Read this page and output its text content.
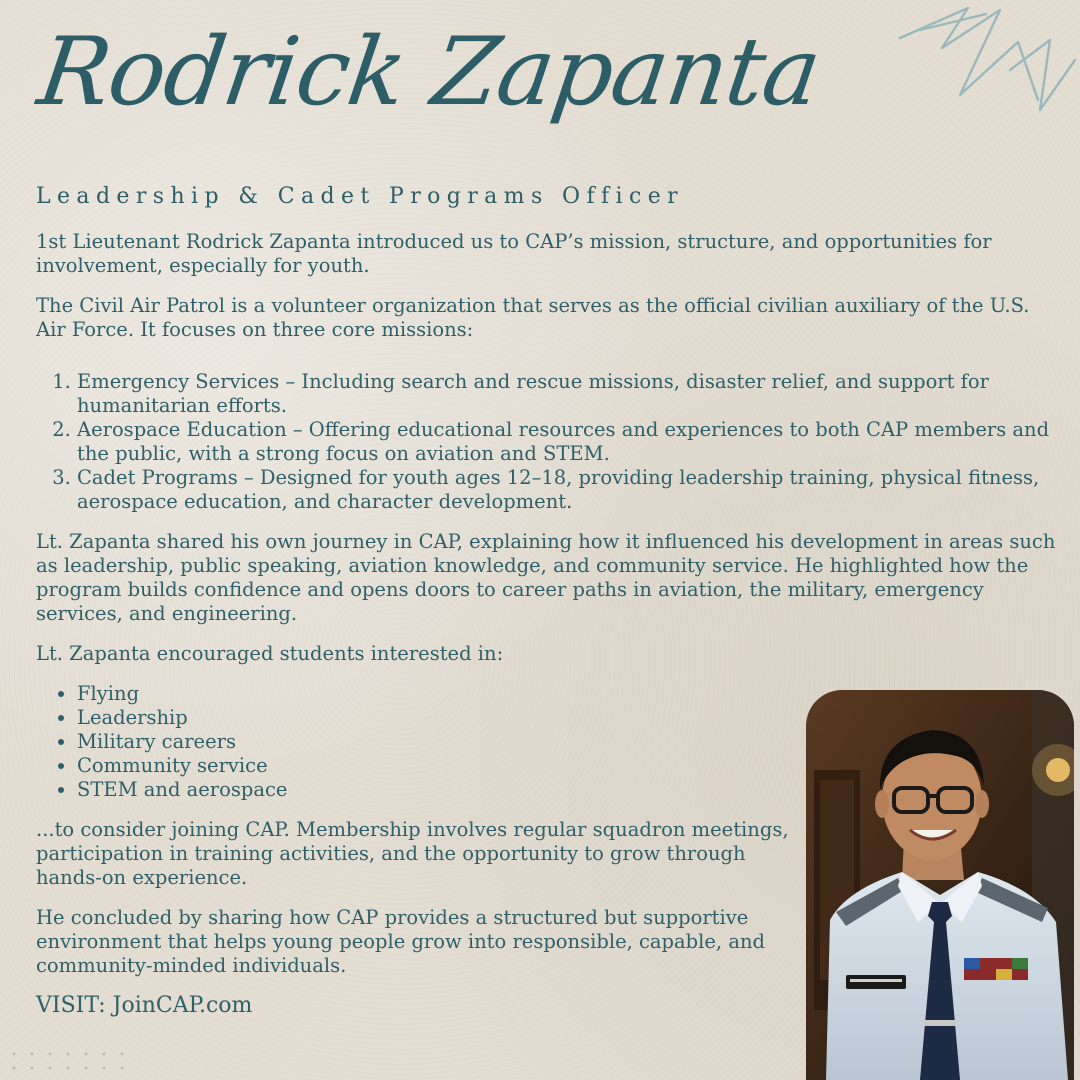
Rodrick Zapanta
Leadership & Cadet Programs Officer

1st Lieutenant Rodrick Zapanta introduced us to CAP’s mission, structure, and opportunities for involvement, especially for youth.

The Civil Air Patrol is a volunteer organization that serves as the official civilian auxiliary of the U.S. Air Force. It focuses on three core missions:

1. Emergency Services – Including search and rescue missions, disaster relief, and support for humanitarian efforts.
2. Aerospace Education – Offering educational resources and experiences to both CAP members and the public, with a strong focus on aviation and STEM.
3. Cadet Programs – Designed for youth ages 12–18, providing leadership training, physical fitness, aerospace education, and character development.

Lt. Zapanta shared his own journey in CAP, explaining how it influenced his development in areas such as leadership, public speaking, aviation knowledge, and community service. He highlighted how the program builds confidence and opens doors to career paths in aviation, the military, emergency services, and engineering.

Lt. Zapanta encouraged students interested in:

• Flying
• Leadership
• Military careers
• Community service
• STEM and aerospace

...to consider joining CAP. Membership involves regular squadron meetings, participation in training activities, and the opportunity to grow through hands-on experience.

He concluded by sharing how CAP provides a structured but supportive environment that helps young people grow into responsible, capable, and community-minded individuals.

VISIT: JoinCAP.com
